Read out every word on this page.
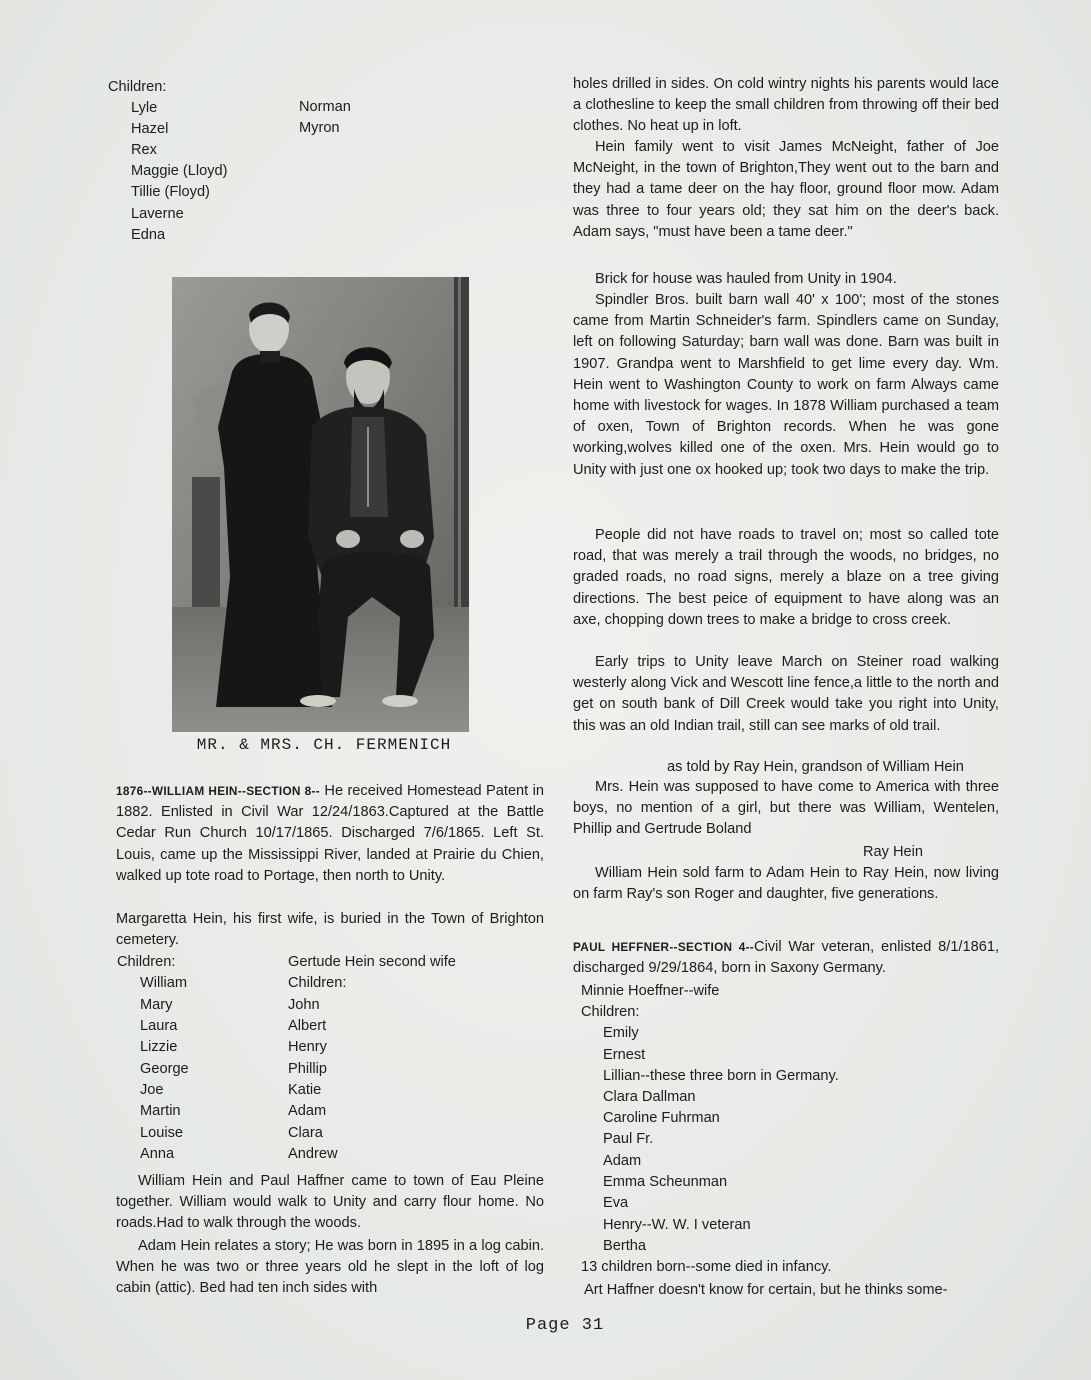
Children:
Lyle
Hazel
Rex
Maggie (Lloyd)
Tillie (Floyd)
Laverne
Edna
Norman
Myron
MR. & MRS. CH. FERMENICH

1876--WILLIAM HEIN--SECTION 8-- He received Homestead Patent in 1882. Enlisted in Civil War 12/24/1863.Captured at the Battle Cedar Run Church 10/17/1865. Discharged 7/6/1865. Left St. Louis, came up the Mississippi River, landed at Prairie du Chien, walked up tote road to Portage, then north to Unity.

Margaretta Hein, his first wife, is buried in the Town of Brighton cemetery.

Children:	Gertude Hein second wife
Children:
William
Mary
Laura
Lizzie
George
Joe
Martin
Louise
Anna
John
Albert
Henry
Phillip
Katie
Adam
Clara
Andrew

William Hein and Paul Haffner came to town of Eau Pleine together. William would walk to Unity and carry flour home. No roads.Had to walk through the woods.

Adam Hein relates a story; He was born in 1895 in a log cabin. When he was two or three years old he slept in the loft of log cabin (attic). Bed had ten inch sides with

holes drilled in sides. On cold wintry nights his parents would lace a clothesline to keep the small children from throwing off their bed clothes. No heat up in loft.

Hein family went to visit James McNeight, father of Joe McNeight, in the town of Brighton,They went out to the barn and they had a tame deer on the hay floor, ground floor mow. Adam was three to four years old; they sat him on the deer's back. Adam says, "must have been a tame deer."

Brick for house was hauled from Unity in 1904.

Spindler Bros. built barn wall 40' x 100'; most of the stones came from Martin Schneider's farm. Spindlers came on Sunday, left on following Saturday; barn wall was done. Barn was built in 1907. Grandpa went to Marshfield to get lime every day. Wm. Hein went to Washington County to work on farm Always came home with livestock for wages. In 1878 William purchased a team of oxen, Town of Brighton records. When he was gone working,wolves killed one of the oxen. Mrs. Hein would go to Unity with just one ox hooked up; took two days to make the trip.

People did not have roads to travel on; most so called tote road, that was merely a trail through the woods, no bridges, no graded roads, no road signs, merely a blaze on a tree giving directions. The best peice of equipment to have along was an axe, chopping down trees to make a bridge to cross creek.

Early trips to Unity leave March on Steiner road walking westerly along Vick and Wescott line fence,a little to the north and get on south bank of Dill Creek would take you right into Unity, this was an old Indian trail, still can see marks of old trail.

as told by Ray Hein, grandson of William Hein

Mrs. Hein was supposed to have come to America with three boys, no mention of a girl, but there was William, Wentelen, Phillip and Gertrude Boland

Ray Hein

William Hein sold farm to Adam Hein to Ray Hein, now living on farm Ray's son Roger and daughter, five generations.

PAUL HEFFNER--SECTION 4--Civil War veteran, enlisted 8/1/1861, discharged 9/29/1864, born in Saxony Germany.

Minnie Hoeffner--wife
Children:
Emily
Ernest
Lillian--these three born in Germany.
Clara Dallman
Caroline Fuhrman
Paul Fr.
Adam
Emma Scheunman
Eva
Henry--W. W. I veteran
Bertha
13 children born--some died in infancy.
Art Haffner doesn't know for certain, but he thinks some-
Page 31
